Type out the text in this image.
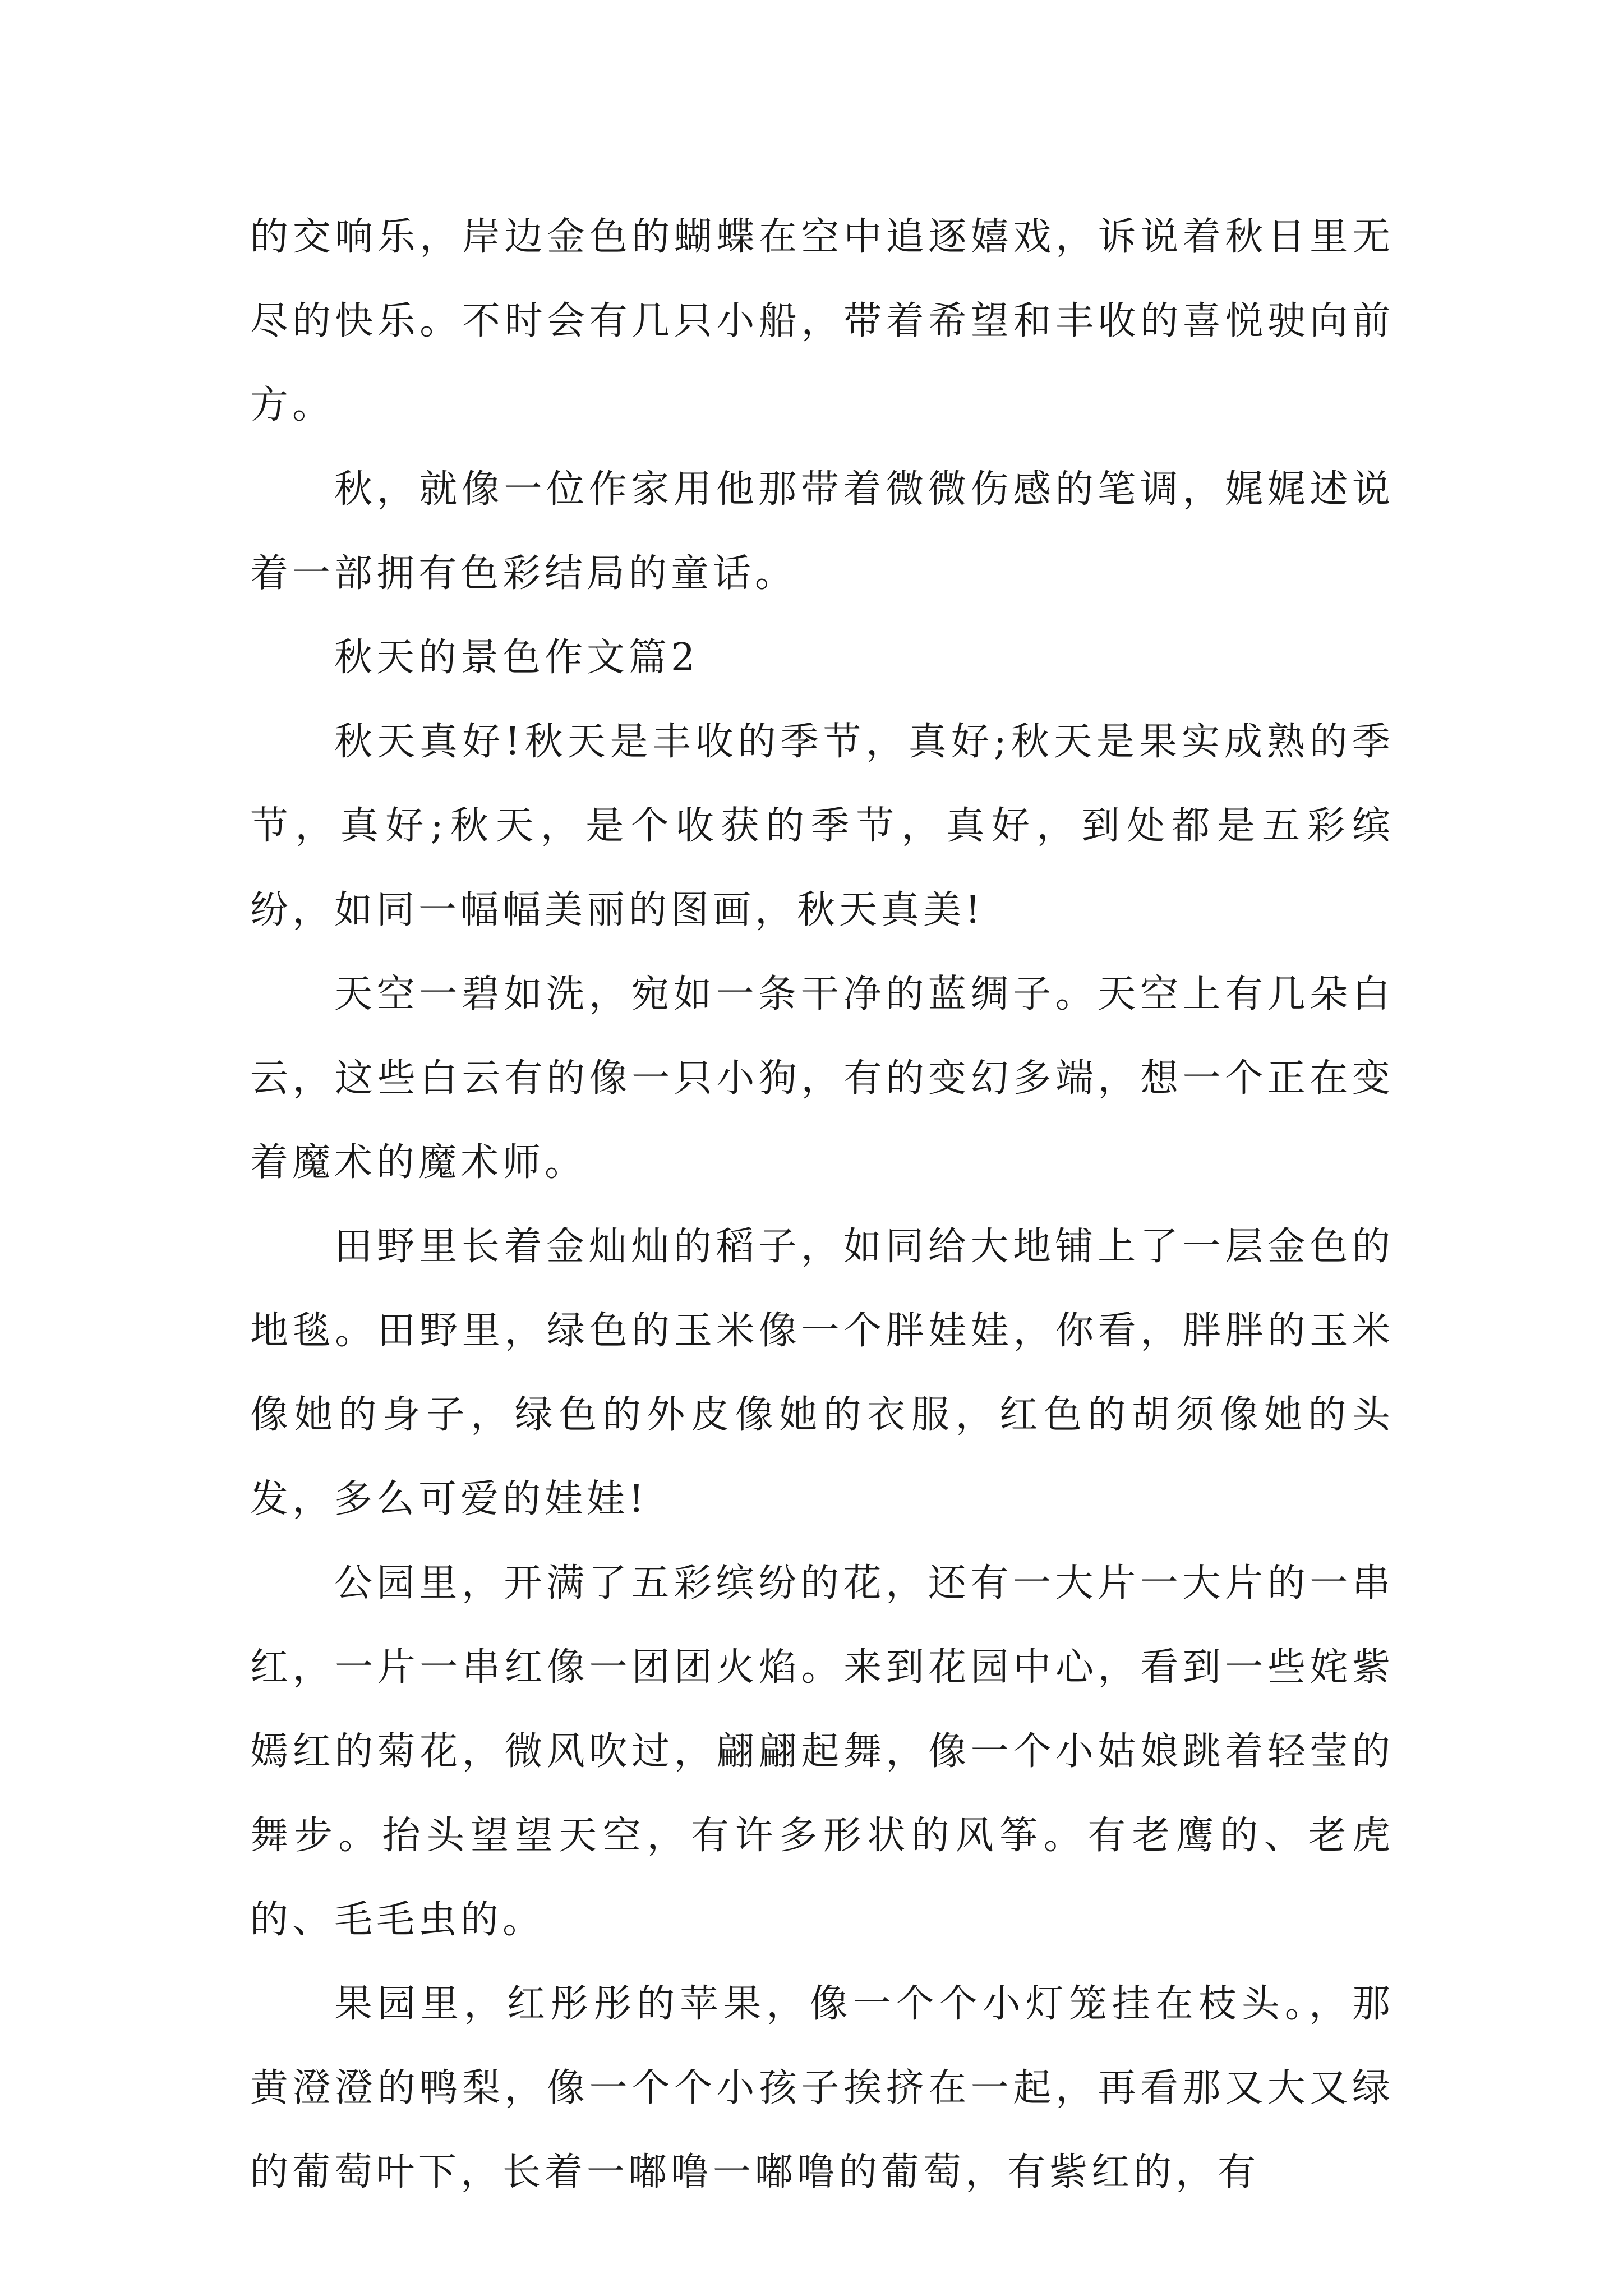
的交响乐，岸边金色的蝴蝶在空中追逐嬉戏，诉说着秋日里无尽的快乐。不时会有几只小船，带着希望和丰收的喜悦驶向前方。

秋，就像一位作家用他那带着微微伤感的笔调，娓娓述说着一部拥有色彩结局的童话。

秋天的景色作文篇2

秋天真好!秋天是丰收的季节，真好;秋天是果实成熟的季节，真好;秋天，是个收获的季节，真好，到处都是五彩缤纷，如同一幅幅美丽的图画，秋天真美!

天空一碧如洗，宛如一条干净的蓝绸子。天空上有几朵白云，这些白云有的像一只小狗，有的变幻多端，想一个正在变着魔术的魔术师。

田野里长着金灿灿的稻子，如同给大地铺上了一层金色的地毯。田野里，绿色的玉米像一个胖娃娃，你看，胖胖的玉米像她的身子，绿色的外皮像她的衣服，红色的胡须像她的头发，多么可爱的娃娃!

公园里，开满了五彩缤纷的花，还有一大片一大片的一串红，一片一串红像一团团火焰。来到花园中心，看到一些姹紫嫣红的菊花，微风吹过，翩翩起舞，像一个小姑娘跳着轻莹的舞步。抬头望望天空，有许多形状的风筝。有老鹰的、老虎的、毛毛虫的。

果园里，红彤彤的苹果，像一个个小灯笼挂在枝头。，那黄澄澄的鸭梨，像一个个小孩子挨挤在一起，再看那又大又绿的葡萄叶下，长着一嘟噜一嘟噜的葡萄，有紫红的，有
